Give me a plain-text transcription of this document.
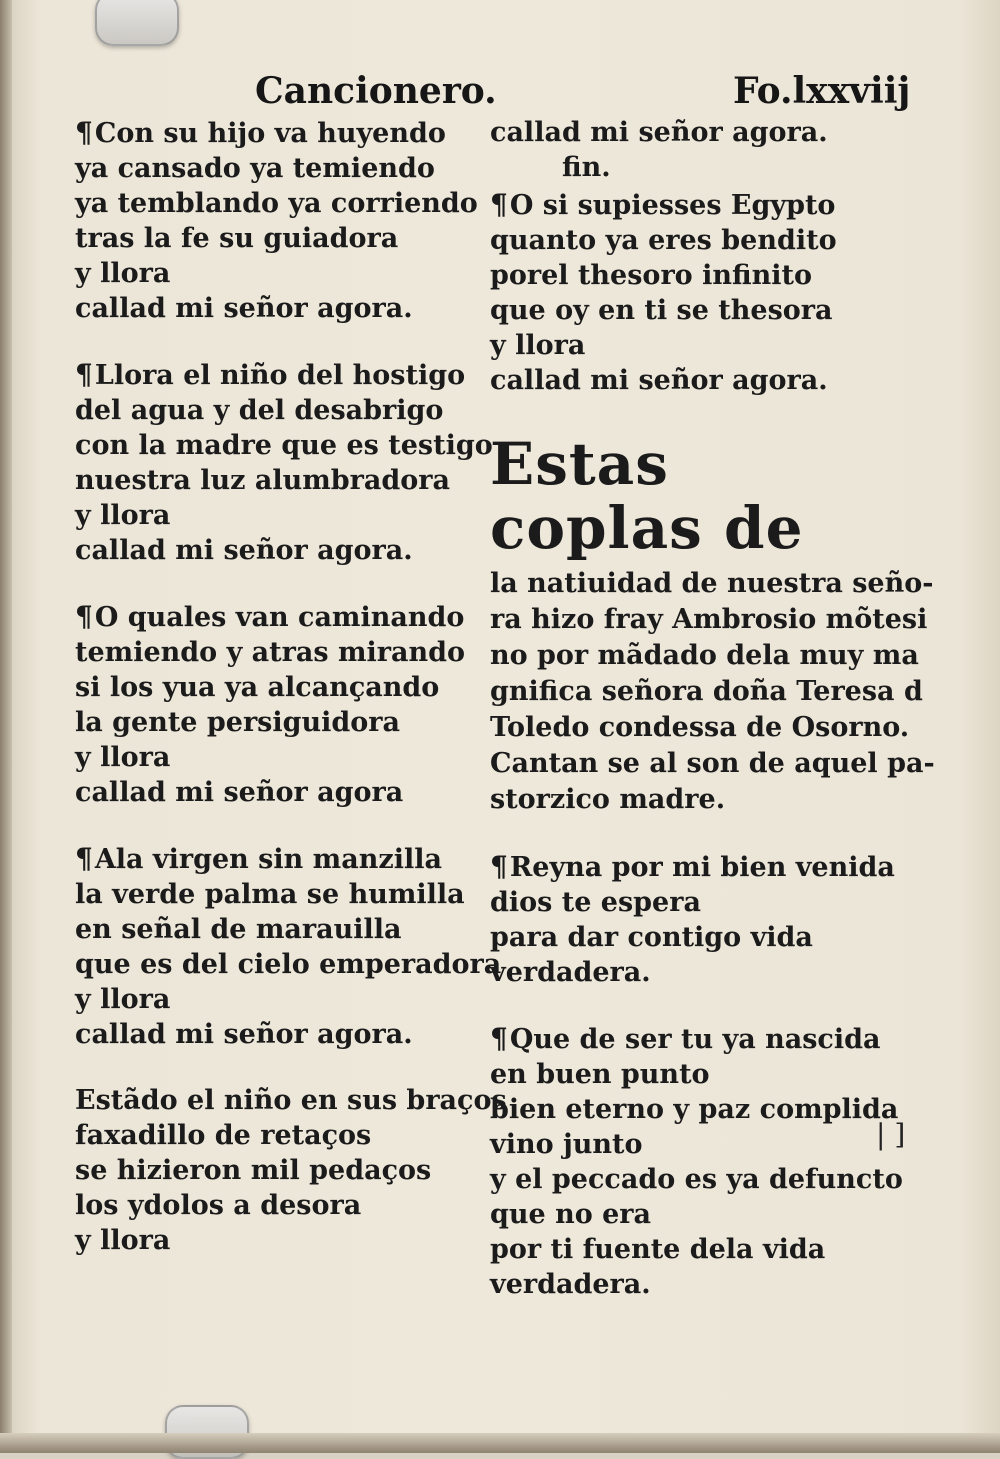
Cancionero.	Fo.lxxviij
¶Con su hijo va huyendo
ya cansado ya temiendo
ya temblando ya corriendo
tras la fe su guiadora
y llora
callad mi señor agora.
¶Llora el niño del hostigo
del agua y del desabrigo
con la madre que es testigo
nuestra luz alumbradora
y llora
callad mi señor agora.
¶O quales van caminando
temiendo y atras mirando
si los yua ya alcançando
la gente persiguidora
y llora
callad mi señor agora
¶Ala virgen sin manzilla
la verde palma se humilla
en señal de marauilla
que es del cielo emperadora
y llora
callad mi señor agora.
Estãdo el niño en sus braços
faxadillo de retaços
se hizieron mil pedaços
los ydolos a desora
y llora
callad mi señor agora.
fin.
¶O si supiesses Egypto
quanto ya eres bendito
porel thesoro infinito
que oy en ti se thesora
y llora
callad mi señor agora.
Estas coplas de
la natiuidad de nuestra seño-
ra hizo fray Ambrosio mõtesi
no por mãdado dela muy ma
gnifica señora doña Teresa d
Toledo condessa de Osorno.
Cantan se al son de aquel pa-
storzico madre.
¶Reyna por mi bien venida
dios te espera
para dar contigo vida
verdadera.
¶Que de ser tu ya nascida
en buen punto
bien eterno y paz complida
vino junto
y el peccado es ya defuncto
que no era
por ti fuente dela vida
verdadera.
| ]
